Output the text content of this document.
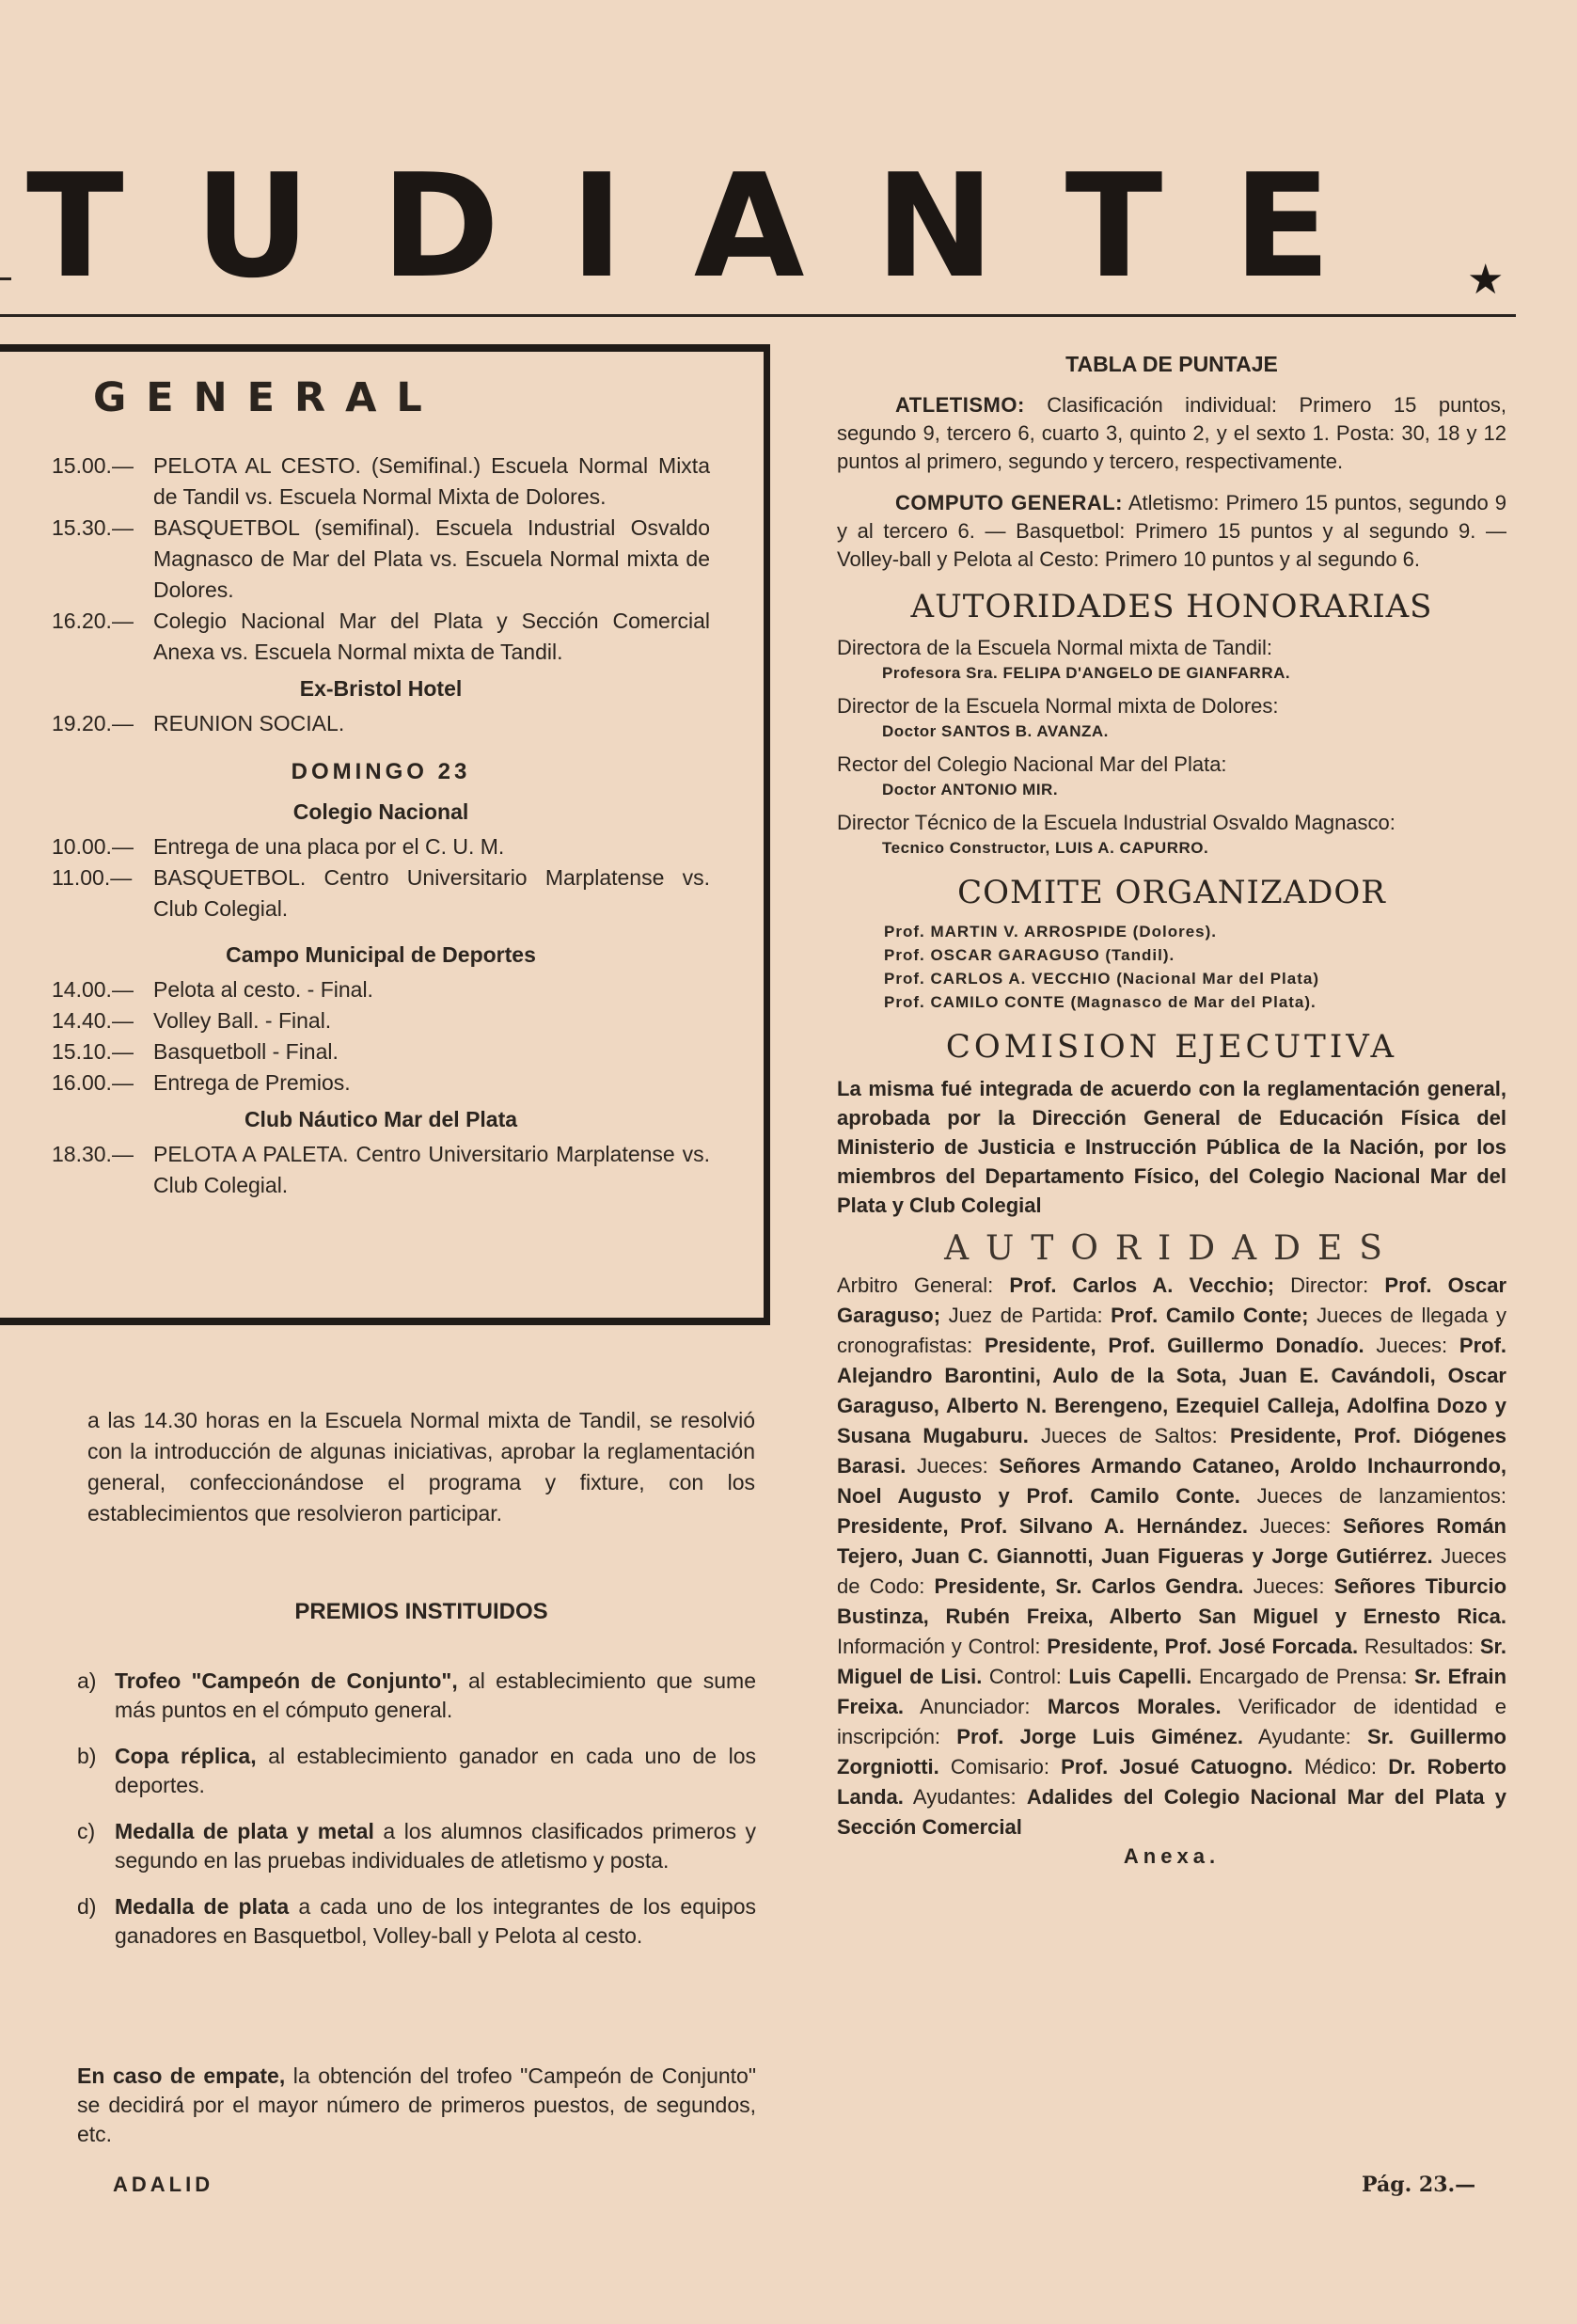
TUDIANTE ★
GENERAL

15.00.— PELOTA AL CESTO. (Semifinal.) Escuela Normal Mixta de Tandil vs. Escuela Normal Mixta de Dolores.

15.30.— BASQUETBOL (semifinal). Escuela Industrial Osvaldo Magnasco de Mar del Plata vs. Escuela Normal mixta de Dolores.

16.20.— Colegio Nacional Mar del Plata y Sección Comercial Anexa vs. Escuela Normal mixta de Tandil.

Ex-Bristol Hotel

19.20.— REUNION SOCIAL.

DOMINGO 23
Colegio Nacional

10.00.— Entrega de una placa por el C. U. M.

11.00.— BASQUETBOL. Centro Universitario Marplatense vs. Club Colegial.

Campo Municipal de Deportes

14.00.— Pelota al cesto. - Final.

14.40.— Volley Ball. - Final.

15.10.— Basquetboll - Final.

16.00.— Entrega de Premios.

Club Náutico Mar del Plata

18.30.— PELOTA A PALETA. Centro Universitario Marplatense vs. Club Colegial.

a las 14.30 horas en la Escuela Normal mixta de Tandil, se resolvió con la introducción de algunas iniciativas, aprobar la reglamentación general, confeccionándose el programa y fixture, con los establecimientos que resolvieron participar.
PREMIOS INSTITUIDOS

a) Trofeo "Campeón de Conjunto", al establecimiento que sume más puntos en el cómputo general.

b) Copa réplica, al establecimiento ganador en cada uno de los deportes.

c) Medalla de plata y metal a los alumnos clasificados primeros y segundo en las pruebas individuales de atletismo y posta.

d) Medalla de plata a cada uno de los integrantes de los equipos ganadores en Basquetbol, Volley-ball y Pelota al cesto.

En caso de empate, la obtención del trofeo "Campeón de Conjunto" se decidirá por el mayor número de primeros puestos, de segundos, etc.
ADALID	Pág. 23.—
TABLA DE PUNTAJE

ATLETISMO: Clasificación individual: Primero 15 puntos, segundo 9, tercero 6, cuarto 3, quinto 2, y el sexto 1. Posta: 30, 18 y 12 puntos al primero, segundo y tercero, respectivamente.

COMPUTO GENERAL: Atletismo: Primero 15 puntos, segundo 9 y al tercero 6. — Basquetbol: Primero 15 puntos y al segundo 9. — Volley-ball y Pelota al Cesto: Primero 10 puntos y al segundo 6.

AUTORIDADES HONORARIAS

Directora de la Escuela Normal mixta de Tandil:

Profesora Sra. FELIPA D'ANGELO DE GIANFARRA.

Director de la Escuela Normal mixta de Dolores:

Doctor SANTOS B. AVANZA.

Rector del Colegio Nacional Mar del Plata:

Doctor ANTONIO MIR.

Director Técnico de la Escuela Industrial Osvaldo Magnasco:

Tecnico Constructor, LUIS A. CAPURRO.

COMITE ORGANIZADOR
Prof. MARTIN V. ARROSPIDE (Dolores).
Prof. OSCAR GARAGUSO (Tandil).
Prof. CARLOS A. VECCHIO (Nacional Mar del Plata)
Prof. CAMILO CONTE (Magnasco de Mar del Plata).
COMISION EJECUTIVA

La misma fué integrada de acuerdo con la reglamentación general, aprobada por la Dirección General de Educación Física del Ministerio de Justicia e Instrucción Pública de la Nación, por los miembros del Departamento Físico, del Colegio Nacional Mar del Plata y Club Colegial

AUTORIDADES

Arbitro General: Prof. Carlos A. Vecchio; Director: Prof. Oscar Garaguso; Juez de Partida: Prof. Camilo Conte; Jueces de llegada y cronografistas: Presidente, Prof. Guillermo Donadío. Jueces: Prof. Alejandro Barontini, Aulo de la Sota, Juan E. Cavándoli, Oscar Garaguso, Alberto N. Berengeno, Ezequiel Calleja, Adolfina Dozo y Susana Mugaburu. Jueces de Saltos: Presidente, Prof. Diógenes Barasi. Jueces: Señores Armando Cataneo, Aroldo Inchaurrondo, Noel Augusto y Prof. Camilo Conte. Jueces de lanzamientos: Presidente, Prof. Silvano A. Hernández. Jueces: Señores Román Tejero, Juan C. Giannotti, Juan Figueras y Jorge Gutiérrez. Jueces de Codo: Presidente, Sr. Carlos Gendra. Jueces: Señores Tiburcio Bustinza, Rubén Freixa, Alberto San Miguel y Ernesto Rica. Información y Control: Presidente, Prof. José Forcada. Resultados: Sr. Miguel de Lisi. Control: Luis Capelli. Encargado de Prensa: Sr. Efrain Freixa. Anunciador: Marcos Morales. Verificador de identidad e inscripción: Prof. Jorge Luis Giménez. Ayudante: Sr. Guillermo Zorgniotti. Comisario: Prof. Josué Catuogno. Médico: Dr. Roberto Landa. Ayudantes: Adalides del Colegio Nacional Mar del Plata y Sección Comercial

Anexa.
